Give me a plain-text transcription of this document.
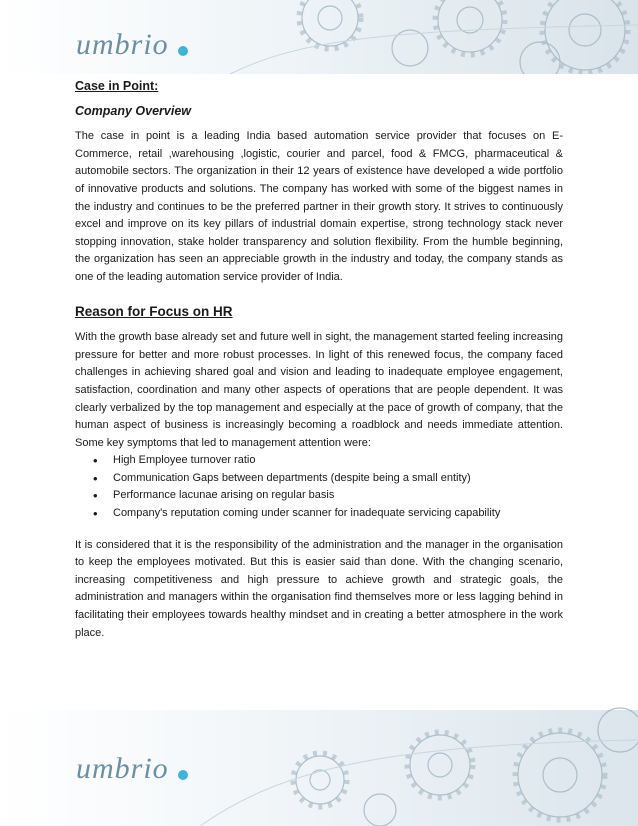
umbrio

Case in Point:

Company Overview

The case in point is a leading India based automation service provider that focuses on E-Commerce, retail ,warehousing ,logistic, courier and parcel, food & FMCG, pharmaceutical & automobile sectors. The organization in their 12 years of existence have developed a wide portfolio of innovative products and solutions. The company has worked with some of the biggest names in the industry and continues to be the preferred partner in their growth story. It strives to continuously excel and improve on its key pillars of industrial domain expertise, strong technology stack never stopping innovation, stake holder transparency and solution flexibility. From the humble beginning, the organization has seen an appreciable growth in the industry and today, the company stands as one of the leading automation service provider of India.

Reason for Focus on HR

With the growth base already set and future well in sight, the management started feeling increasing pressure for better and more robust processes. In light of this renewed focus, the company faced challenges in achieving shared goal and vision and leading to inadequate employee engagement, satisfaction, coordination and many other aspects of operations that are people dependent. It was clearly verbalized by the top management and especially at the pace of growth of company, that the human aspect of business is increasingly becoming a roadblock and needs immediate attention. Some key symptoms that led to management attention were:

• High Employee turnover ratio
• Communication Gaps between departments (despite being a small entity)
• Performance lacunae arising on regular basis
• Company's reputation coming under scanner for inadequate servicing capability

It is considered that it is the responsibility of the administration and the manager in the organisation to keep the employees motivated. But this is easier said than done. With the changing scenario, increasing competitiveness and high pressure to achieve growth and strategic goals, the administration and managers within the organisation find themselves more or less lagging behind in facilitating their employees towards healthy mindset and in creating a better atmosphere in the work place.

umbrio
